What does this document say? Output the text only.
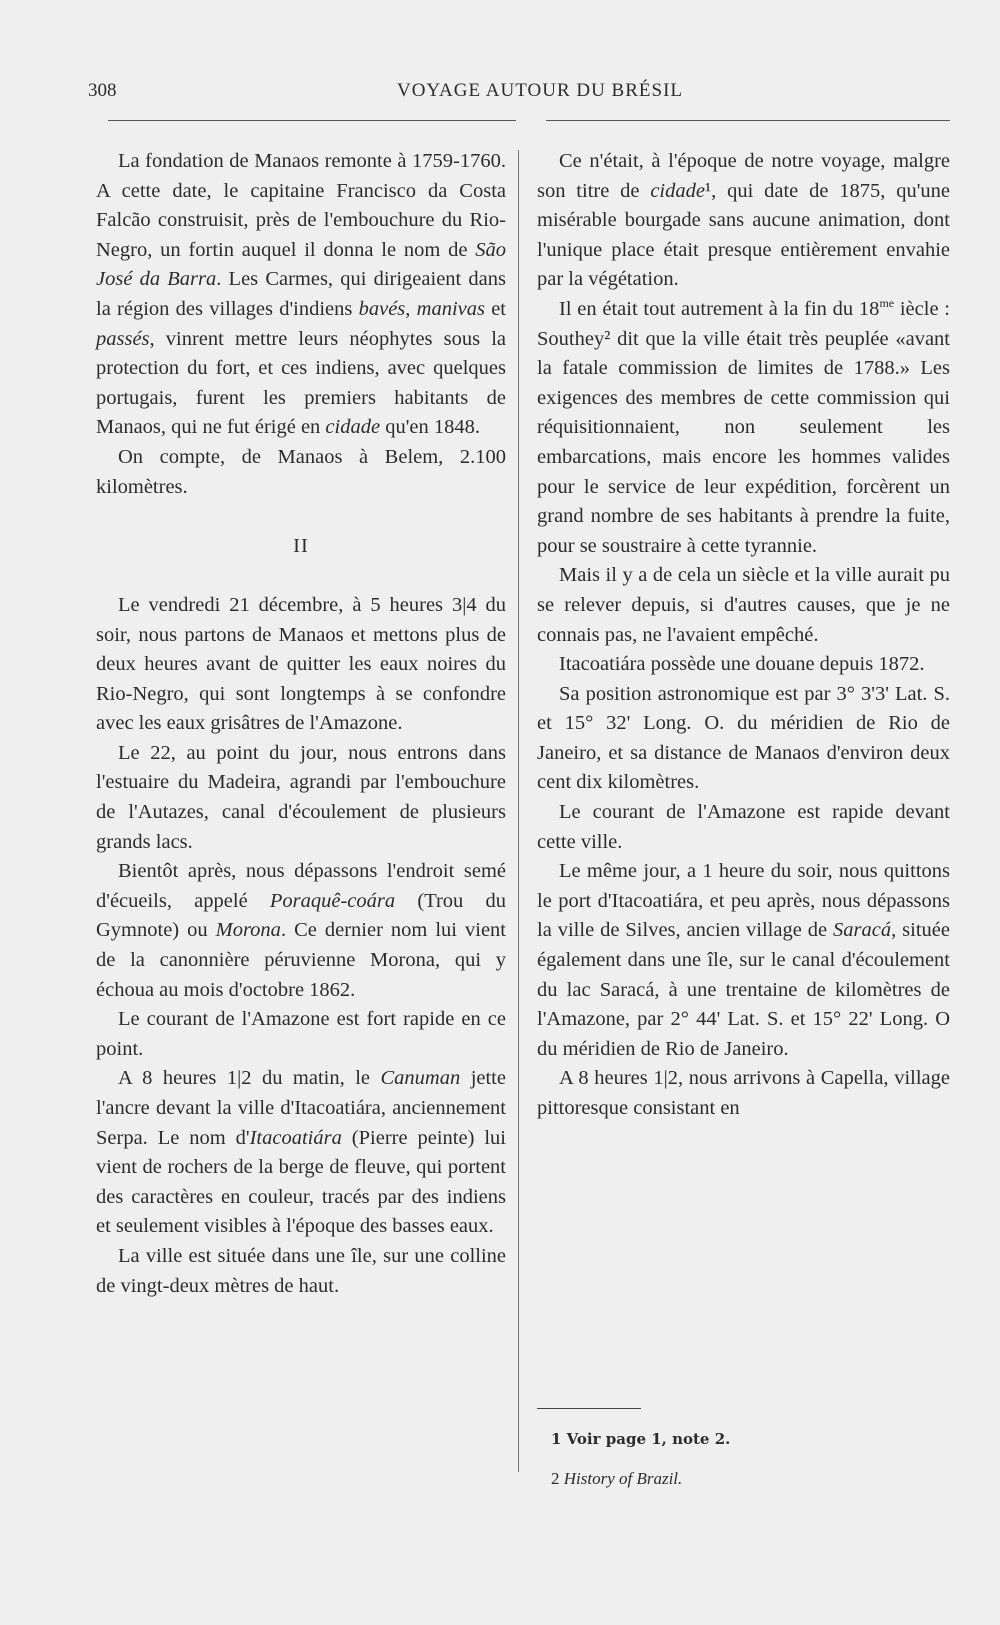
308	VOYAGE AUTOUR DU BRÉSIL

La fondation de Manaos remonte à 1759-1760. A cette date, le capitaine Francisco da Costa Falcão construisit, près de l'embouchure du Rio-Negro, un fortin auquel il donna le nom de São José da Barra. Les Carmes, qui dirigeaient dans la région des villages d'indiens bavés, manivas et passés, vinrent mettre leurs néophytes sous la protection du fort, et ces indiens, avec quelques portugais, furent les premiers habitants de Manaos, qui ne fut érigé en cidade qu'en 1848.

On compte, de Manaos à Belem, 2.100 kilomètres.

II

Le vendredi 21 décembre, à 5 heures 3|4 du soir, nous partons de Manaos et mettons plus de deux heures avant de quitter les eaux noires du Rio-Negro, qui sont longtemps à se confondre avec les eaux grisâtres de l'Amazone.

Le 22, au point du jour, nous entrons dans l'estuaire du Madeira, agrandi par l'embouchure de l'Autazes, canal d'écoulement de plusieurs grands lacs.

Bientôt après, nous dépassons l'endroit semé d'écueils, appelé Poraquê-coára (Trou du Gymnote) ou Morona. Ce dernier nom lui vient de la canonnière péruvienne Morona, qui y échoua au mois d'octobre 1862.

Le courant de l'Amazone est fort rapide en ce point.

A 8 heures 1|2 du matin, le Canuman jette l'ancre devant la ville d'Itacoatiára, anciennement Serpa. Le nom d'Itacoatiára (Pierre peinte) lui vient de rochers de la berge de fleuve, qui portent des caractères en couleur, tracés par des indiens et seulement visibles à l'époque des basses eaux.

La ville est située dans une île, sur une colline de vingt-deux mètres de haut.

Ce n'était, à l'époque de notre voyage, malgre son titre de cidade¹, qui date de 1875, qu'une misérable bourgade sans aucune animation, dont l'unique place était presque entièrement envahie par la végétation.

Il en était tout autrement à la fin du $18^{me}$ iècle : Southey² dit que la ville était très peuplée «avant la fatale commission de limites de 1788.» Les exigences des membres de cette commission qui réquisitionnaient, non seulement les embarcations, mais encore les hommes valides pour le service de leur expédition, forcèrent un grand nombre de ses habitants à prendre la fuite, pour se soustraire à cette tyrannie.

Mais il y a de cela un siècle et la ville aurait pu se relever depuis, si d'autres causes, que je ne connais pas, ne l'avaient empêché.

Itacoatiára possède une douane depuis 1872.

Sa position astronomique est par 3° 3'3' Lat. S. et 15° 32' Long. O. du méridien de Rio de Janeiro, et sa distance de Manaos d'environ deux cent dix kilomètres.

Le courant de l'Amazone est rapide devant cette ville.

Le même jour, a 1 heure du soir, nous quittons le port d'Itacoatiára, et peu après, nous dépassons la ville de Silves, ancien village de Saracá, située également dans une île, sur le canal d'écoulement du lac Saracá, à une trentaine de kilomètres de l'Amazone, par 2° 44' Lat. S. et 15° 22' Long. O du méridien de Rio de Janeiro.

A 8 heures 1|2, nous arrivons à Capella, village pittoresque consistant en

1 Voir page 1, note 2.

2 History of Brazil.
